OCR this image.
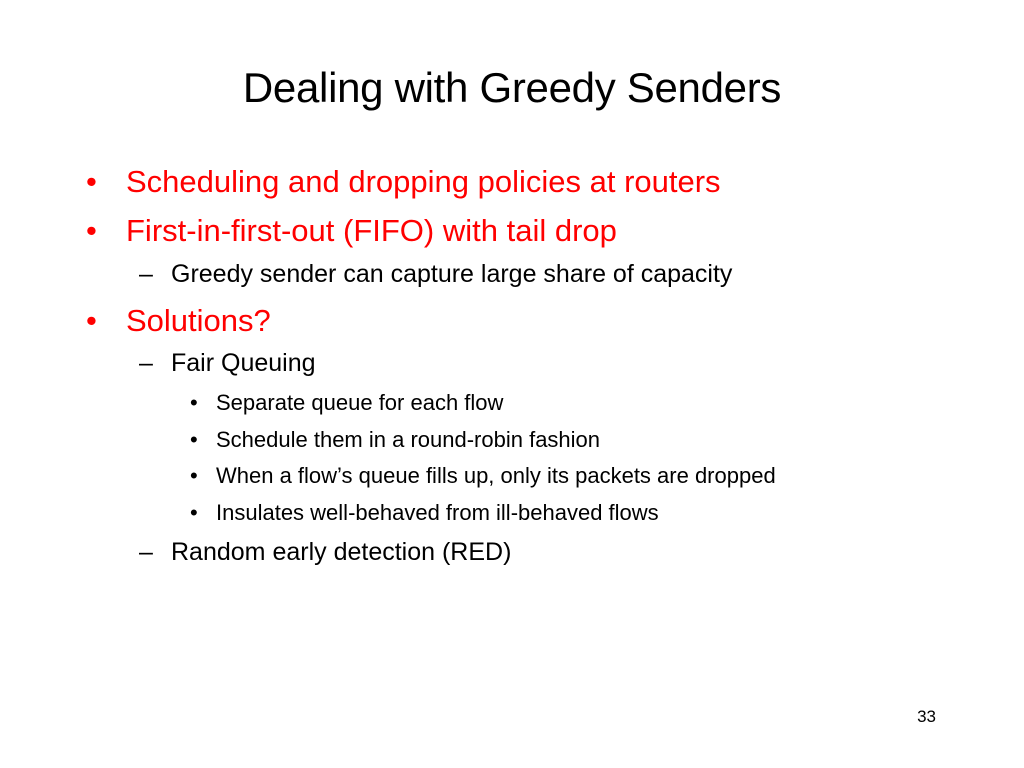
Dealing with Greedy Senders
• Scheduling and dropping policies at routers
• First-in-first-out (FIFO) with tail drop
– Greedy sender can capture large share of capacity
• Solutions?
– Fair Queuing
• Separate queue for each flow
• Schedule them in a round-robin fashion
• When a flow’s queue fills up, only its packets are dropped
• Insulates well-behaved from ill-behaved flows
– Random early detection (RED)
33
